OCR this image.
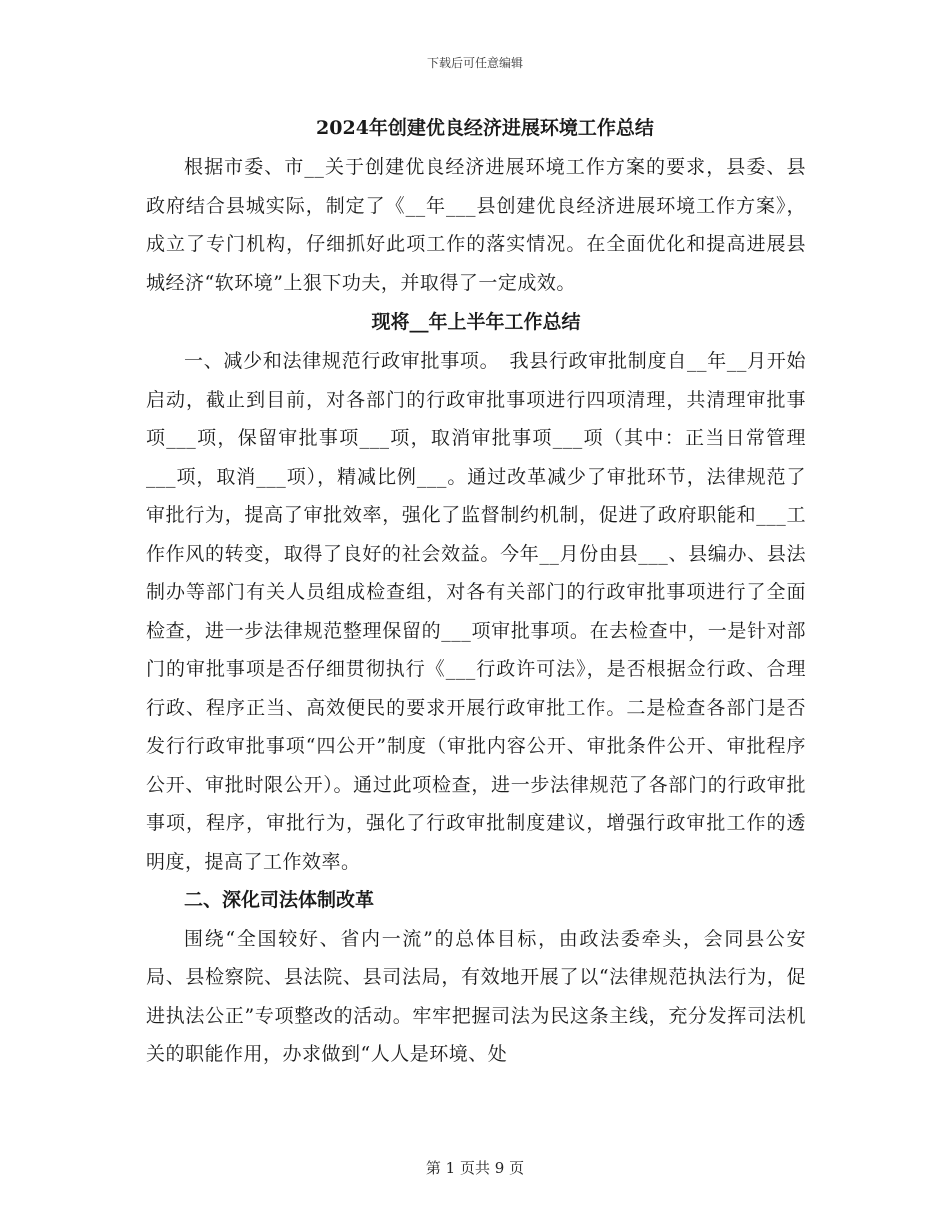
下载后可任意编辑

2024年创建优良经济进展环境工作总结

根据市委、市__关于创建优良经济进展环境工作方案的要求，县委、县政府结合县城实际，制定了《__年___县创建优良经济进展环境工作方案》，成立了专门机构，仔细抓好此项工作的落实情况。在全面优化和提高进展县城经济“软环境”上狠下功夫，并取得了一定成效。

现将__年上半年工作总结

一、减少和法律规范行政审批事项。　我县行政审批制度自__年__月开始启动，截止到目前，对各部门的行政审批事项进行四项清理，共清理审批事项___项，保留审批事项___项，取消审批事项___项（其中：正当日常管理___项，取消___项），精减比例___。通过改革减少了审批环节，法律规范了审批行为，提高了审批效率，强化了监督制约机制，促进了政府职能和___工作作风的转变，取得了良好的社会效益。今年__月份由县___、县编办、县法制办等部门有关人员组成检查组，对各有关部门的行政审批事项进行了全面检查，进一步法律规范整理保留的___项审批事项。在去检查中，一是针对部门的审批事项是否仔细贯彻执行《___行政许可法》，是否根据佥行政、合理行政、程序正当、高效便民的要求开展行政审批工作。二是检查各部门是否发行行政审批事项“四公开”制度（审批内容公开、审批条件公开、审批程序公开、审批时限公开）。通过此项检查，进一步法律规范了各部门的行政审批事项，程序，审批行为，强化了行政审批制度建议，增强行政审批工作的透明度，提高了工作效率。

二、深化司法体制改革

围绕“全国较好、省内一流”的总体目标，由政法委牵头，会同县公安局、县检察院、县法院、县司法局，有效地开展了以“法律规范执法行为，促进执法公正”专项整改的活动。牢牢把握司法为民这条主线，充分发挥司法机关的职能作用，办求做到“人人是环境、处

第 1 页共 9 页
